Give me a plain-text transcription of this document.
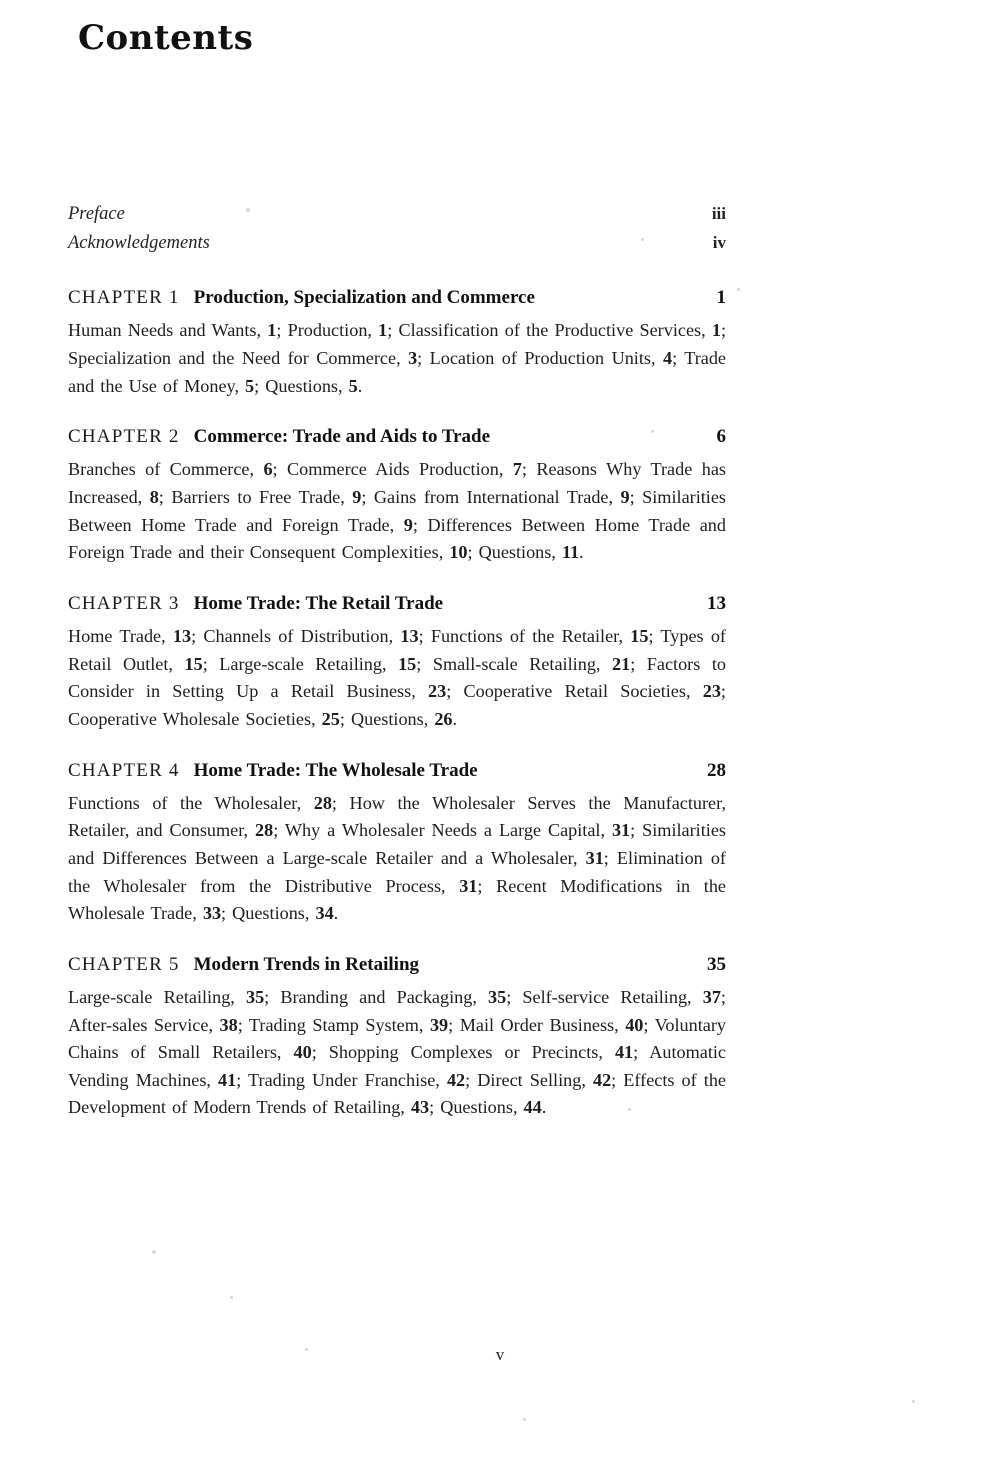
Contents
Preface	iii
Acknowledgements	iv
CHAPTER 1 Production, Specialization and Commerce	1
Human Needs and Wants, 1; Production, 1; Classification of the Productive Services, 1; Specialization and the Need for Commerce, 3; Location of Production Units, 4; Trade and the Use of Money, 5; Questions, 5.
CHAPTER 2 Commerce: Trade and Aids to Trade	6
Branches of Commerce, 6; Commerce Aids Production, 7; Reasons Why Trade has Increased, 8; Barriers to Free Trade, 9; Gains from International Trade, 9; Similarities Between Home Trade and Foreign Trade, 9; Differences Between Home Trade and Foreign Trade and their Consequent Complexities, 10; Questions, 11.
CHAPTER 3 Home Trade: The Retail Trade	13
Home Trade, 13; Channels of Distribution, 13; Functions of the Retailer, 15; Types of Retail Outlet, 15; Large-scale Retailing, 15; Small-scale Retailing, 21; Factors to Consider in Setting Up a Retail Business, 23; Cooperative Retail Societies, 23; Cooperative Wholesale Societies, 25; Questions, 26.
CHAPTER 4 Home Trade: The Wholesale Trade	28
Functions of the Wholesaler, 28; How the Wholesaler Serves the Manufacturer, Retailer, and Consumer, 28; Why a Wholesaler Needs a Large Capital, 31; Similarities and Differences Between a Large-scale Retailer and a Wholesaler, 31; Elimination of the Wholesaler from the Distributive Process, 31; Recent Modifications in the Wholesale Trade, 33; Questions, 34.
CHAPTER 5 Modern Trends in Retailing	35
Large-scale Retailing, 35; Branding and Packaging, 35; Self-service Retailing, 37; After-sales Service, 38; Trading Stamp System, 39; Mail Order Business, 40; Voluntary Chains of Small Retailers, 40; Shopping Complexes or Precincts, 41; Automatic Vending Machines, 41; Trading Under Franchise, 42; Direct Selling, 42; Effects of the Development of Modern Trends of Retailing, 43; Questions, 44.
v
